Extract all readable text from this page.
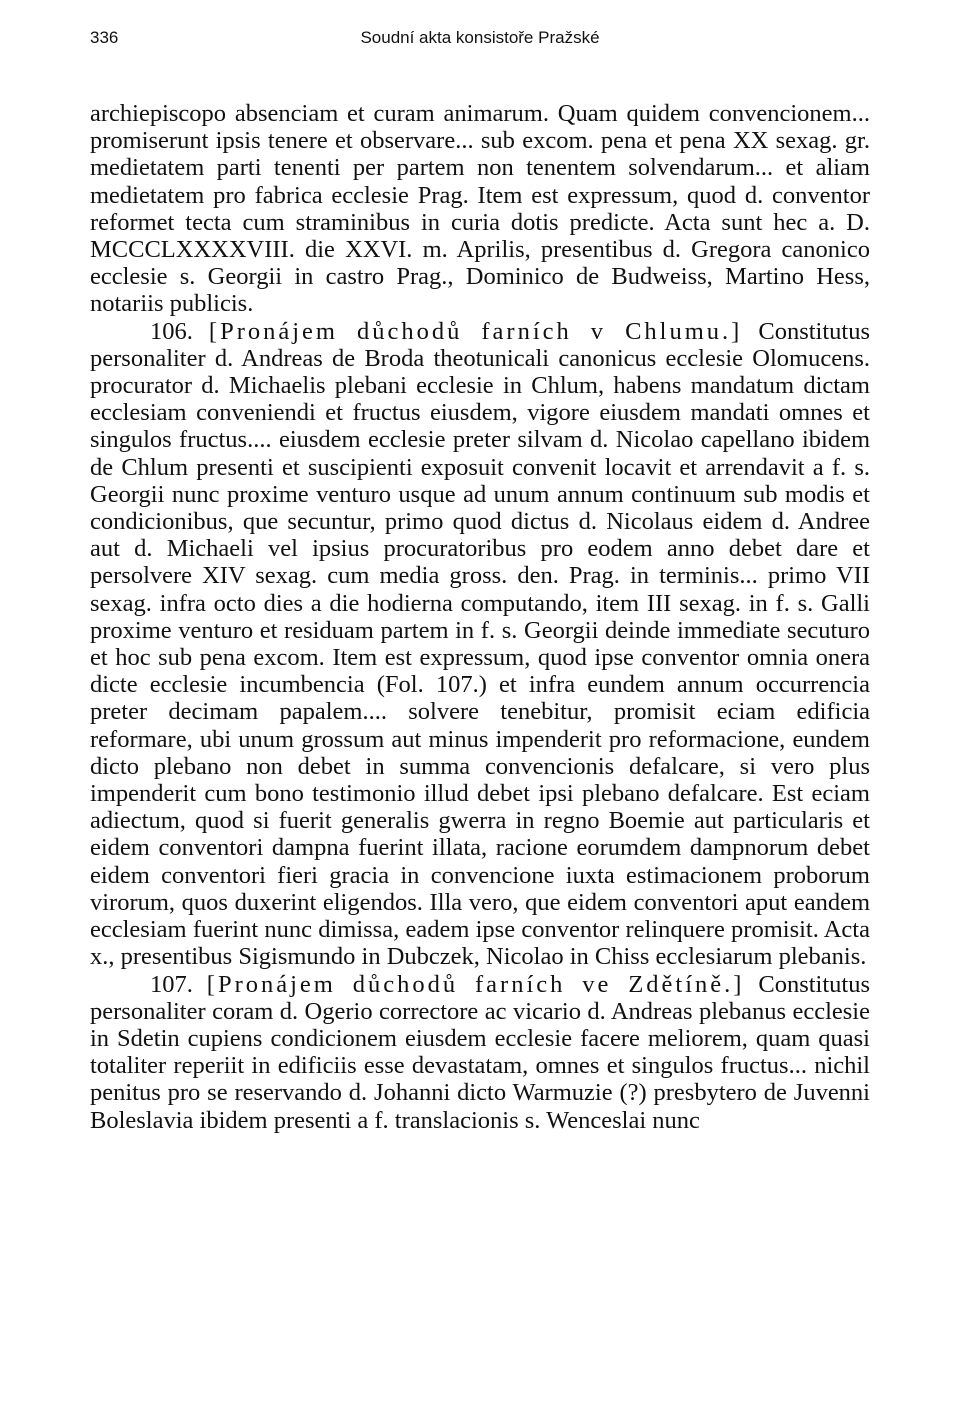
336	Soudní akta konsistoře Pražské

archiepiscopo absenciam et curam animarum. Quam quidem convencionem... promiserunt ipsis tenere et observare... sub excom. pena et pena XX sexag. gr. medietatem parti tenenti per partem non tenentem solvendarum... et aliam medietatem pro fabrica ecclesie Prag. Item est expressum, quod d. conventor reformet tecta cum straminibus in curia dotis predicte. Acta sunt hec a. D. MCCCLXXXXVIII. die XXVI. m. Aprilis, presentibus d. Gregora canonico ecclesie s. Georgii in castro Prag., Dominico de Budweiss, Martino Hess, notariis publicis.

106. [Pronájem důchodů farních v Chlumu.] Constitutus personaliter d. Andreas de Broda theotunicali canonicus ecclesie Olomucens. procurator d. Michaelis plebani ecclesie in Chlum, habens mandatum dictam ecclesiam conveniendi et fructus eiusdem, vigore eiusdem mandati omnes et singulos fructus.... eiusdem ecclesie preter silvam d. Nicolao capellano ibidem de Chlum presenti et suscipienti exposuit convenit locavit et arrendavit a f. s. Georgii nunc proxime venturo usque ad unum annum continuum sub modis et condicionibus, que secuntur, primo quod dictus d. Nicolaus eidem d. Andree aut d. Michaeli vel ipsius procuratoribus pro eodem anno debet dare et persolvere XIV sexag. cum media gross. den. Prag. in terminis... primo VII sexag. infra octo dies a die hodierna computando, item III sexag. in f. s. Galli proxime venturo et residuam partem in f. s. Georgii deinde immediate secuturo et hoc sub pena excom. Item est expressum, quod ipse conventor omnia onera dicte ecclesie incumbencia (Fol. 107.) et infra eundem annum occurrencia preter decimam papalem.... solvere tenebitur, promisit eciam edificia reformare, ubi unum grossum aut minus impenderit pro reformacione, eundem dicto plebano non debet in summa convencionis defalcare, si vero plus impenderit cum bono testimonio illud debet ipsi plebano defalcare. Est eciam adiectum, quod si fuerit generalis gwerra in regno Boemie aut particularis et eidem conventori dampna fuerint illata, racione eorumdem dampnorum debet eidem conventori fieri gracia in convencione iuxta estimacionem proborum virorum, quos duxerint eligendos. Illa vero, que eidem conventori aput eandem ecclesiam fuerint nunc dimissa, eadem ipse conventor relinquere promisit. Acta x., presentibus Sigismundo in Dubczek, Nicolao in Chiss ecclesiarum plebanis.

107. [Pronájem důchodů farních ve Zdětíně.] Constitutus personaliter coram d. Ogerio correctore ac vicario d. Andreas plebanus ecclesie in Sdetin cupiens condicionem eiusdem ecclesie facere meliorem, quam quasi totaliter reperiit in edificiis esse devastatam, omnes et singulos fructus... nichil penitus pro se reservando d. Johanni dicto Warmuzie (?) presbytero de Juvenni Boleslavia ibidem presenti a f. translacionis s. Wenceslai nunc
